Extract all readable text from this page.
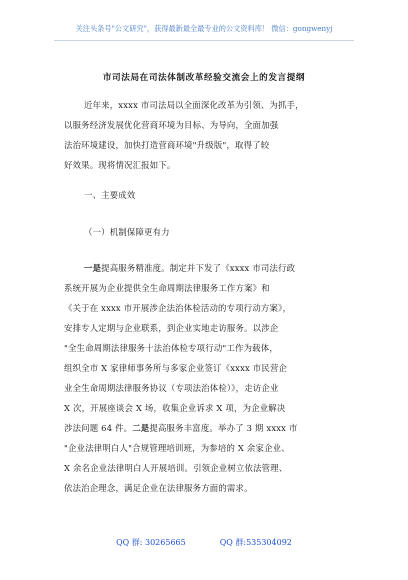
关注头条号"公文研究"，获得最新最全最专业的公文资料库！ 微信：gongwenyj
市司法局在司法体制改革经验交流会上的发言提纲
近年来，xxxx 市司法局以全面深化改革为引领、为抓手，
以服务经济发展优化营商环境为目标、为导向，全面加强
法治环境建设，加快打造营商环境"升级版"，取得了较
好效果。现将情况汇报如下。
一、主要成效
（一）机制保障更有力
一是提高服务精准度。制定并下发了《xxxx 市司法行政
系统开展为企业提供全生命周期法律服务工作方案》和
《关于在 xxxx 市开展涉企法治体检活动的专项行动方案》，
安排专人定期与企业联系，到企业实地走访服务。以涉企
"全生命周期法律服务十法治体检专项行动"工作为载体，
组织全市 X 家律师事务所与多家企业签订《xxxx 市民营企
业全生命周期法律服务协议（专项法治体检）》，走访企业
X 次，开展座谈会 X 场，收集企业诉求 X 项，为企业解决
涉法问题 64 件。二是提高服务丰富度。举办了 3 期 xxxx 市
"企业法律明白人"合规管理培训班，为参培的 X 余家企业、
X 余名企业法律明白人开展培训。引领企业树立依法管理、
依法治企理念，满足企业在法律服务方面的需求。
QQ 群: 30265665	QQ 群:535304092
